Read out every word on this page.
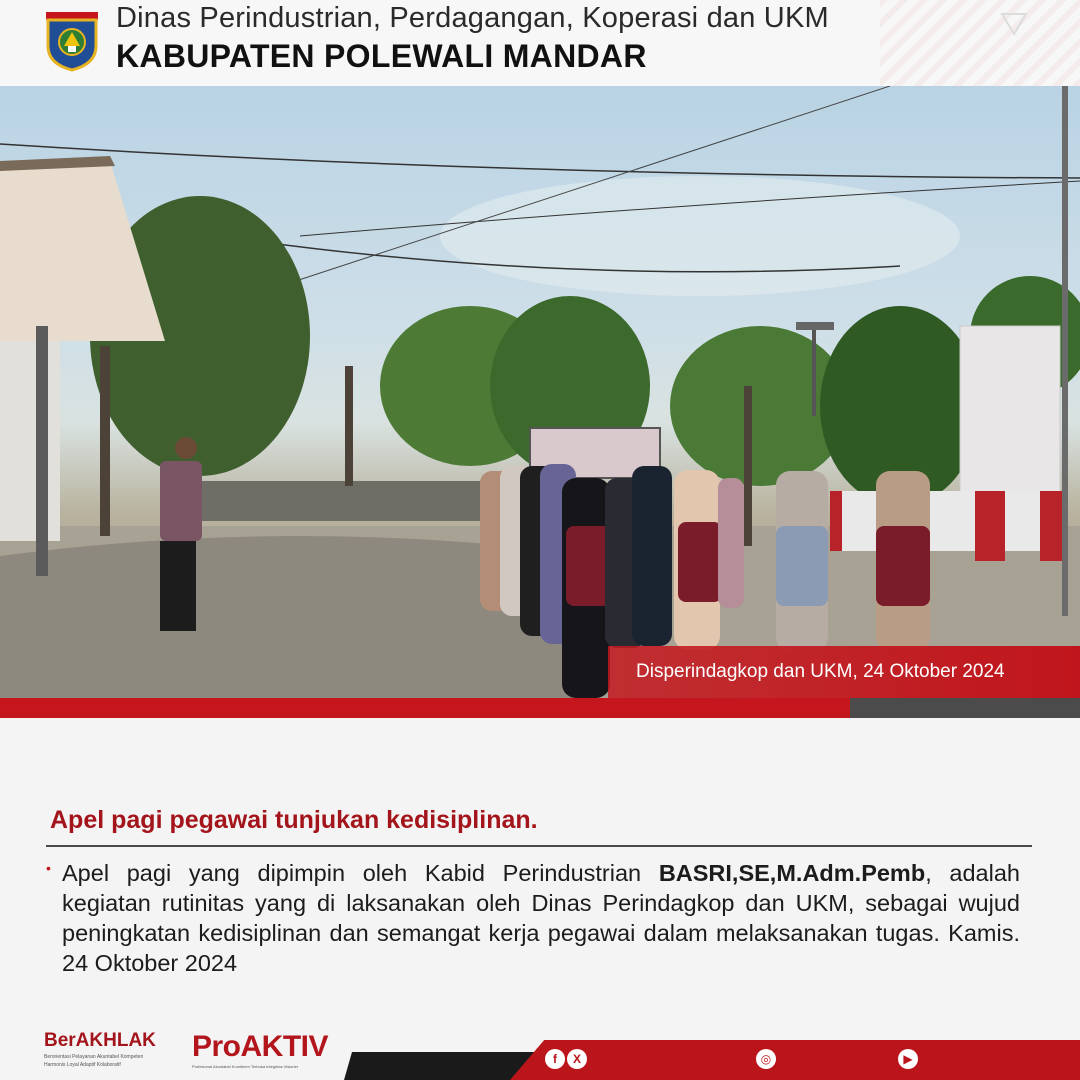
Dinas Perindustrian, Perdagangan, Koperasi dan UKM
KABUPATEN POLEWALI MANDAR
Disperindagkop dan UKM, 24 Oktober 2024
Apel pagi pegawai tunjukan kedisiplinan.
• Apel pagi yang dipimpin oleh Kabid Perindustrian BASRI,SE,M.Adm.Pemb, adalah kegiatan rutinitas yang di laksanakan oleh Dinas Perindagkop dan UKM, sebagai wujud peningkatan kedisiplinan dan semangat kerja pegawai dalam melaksanakan tugas. Kamis. 24 Oktober 2024
BerAKHLAK
Berorientasi Pelayanan Akuntabel Kompeten
Harmonis Loyal Adaptif Kolaboratif
ProAKTIV
Profesional Akuntabel Komitmen Terbuka Integritas Visioner
f	X	◎	▶
